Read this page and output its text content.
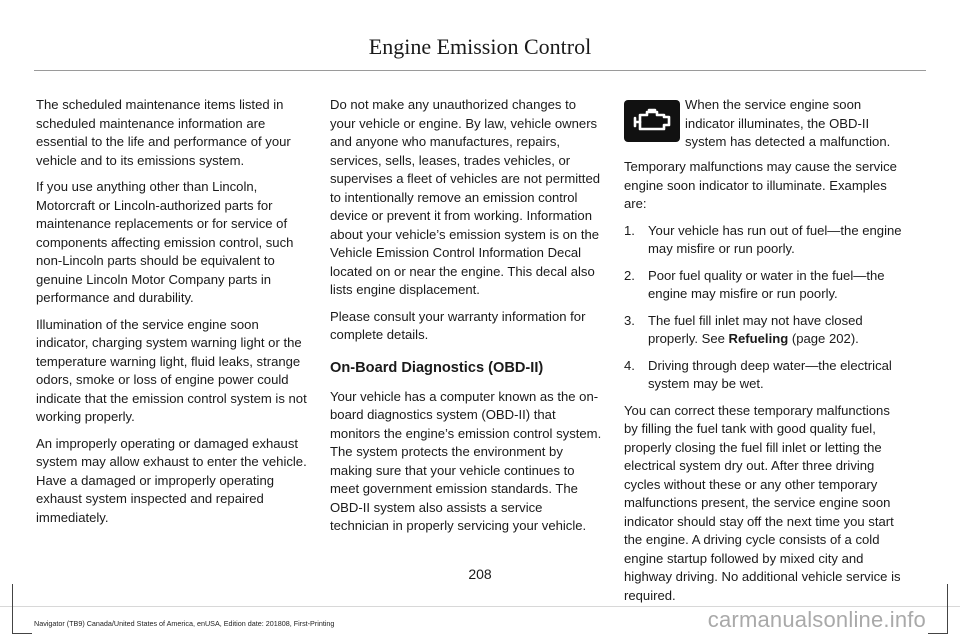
Engine Emission Control

The scheduled maintenance items listed in scheduled maintenance information are essential to the life and performance of your vehicle and to its emissions system.

If you use anything other than Lincoln, Motorcraft or Lincoln-authorized parts for maintenance replacements or for service of components affecting emission control, such non-Lincoln parts should be equivalent to genuine Lincoln Motor Company parts in performance and durability.

Illumination of the service engine soon indicator, charging system warning light or the temperature warning light, fluid leaks, strange odors, smoke or loss of engine power could indicate that the emission control system is not working properly.

An improperly operating or damaged exhaust system may allow exhaust to enter the vehicle. Have a damaged or improperly operating exhaust system inspected and repaired immediately.

Do not make any unauthorized changes to your vehicle or engine. By law, vehicle owners and anyone who manufactures, repairs, services, sells, leases, trades vehicles, or supervises a fleet of vehicles are not permitted to intentionally remove an emission control device or prevent it from working. Information about your vehicle’s emission system is on the Vehicle Emission Control Information Decal located on or near the engine. This decal also lists engine displacement.

Please consult your warranty information for complete details.

On-Board Diagnostics (OBD-II)

Your vehicle has a computer known as the on-board diagnostics system (OBD-II) that monitors the engine’s emission control system. The system protects the environment by making sure that your vehicle continues to meet government emission standards. The OBD-II system also assists a service technician in properly servicing your vehicle.

When the service engine soon indicator illuminates, the OBD-II system has detected a malfunction.

Temporary malfunctions may cause the service engine soon indicator to illuminate. Examples are:

1. Your vehicle has run out of fuel—the engine may misfire or run poorly.
2. Poor fuel quality or water in the fuel—the engine may misfire or run poorly.
3. The fuel fill inlet may not have closed properly. See Refueling (page 202).
4. Driving through deep water—the electrical system may be wet.

You can correct these temporary malfunctions by filling the fuel tank with good quality fuel, properly closing the fuel fill inlet or letting the electrical system dry out. After three driving cycles without these or any other temporary malfunctions present, the service engine soon indicator should stay off the next time you start the engine. A driving cycle consists of a cold engine startup followed by mixed city and highway driving. No additional vehicle service is required.

208
Navigator (TB9) Canada/United States of America, enUSA, Edition date: 201808, First-Printing	carmanualsonline.info
